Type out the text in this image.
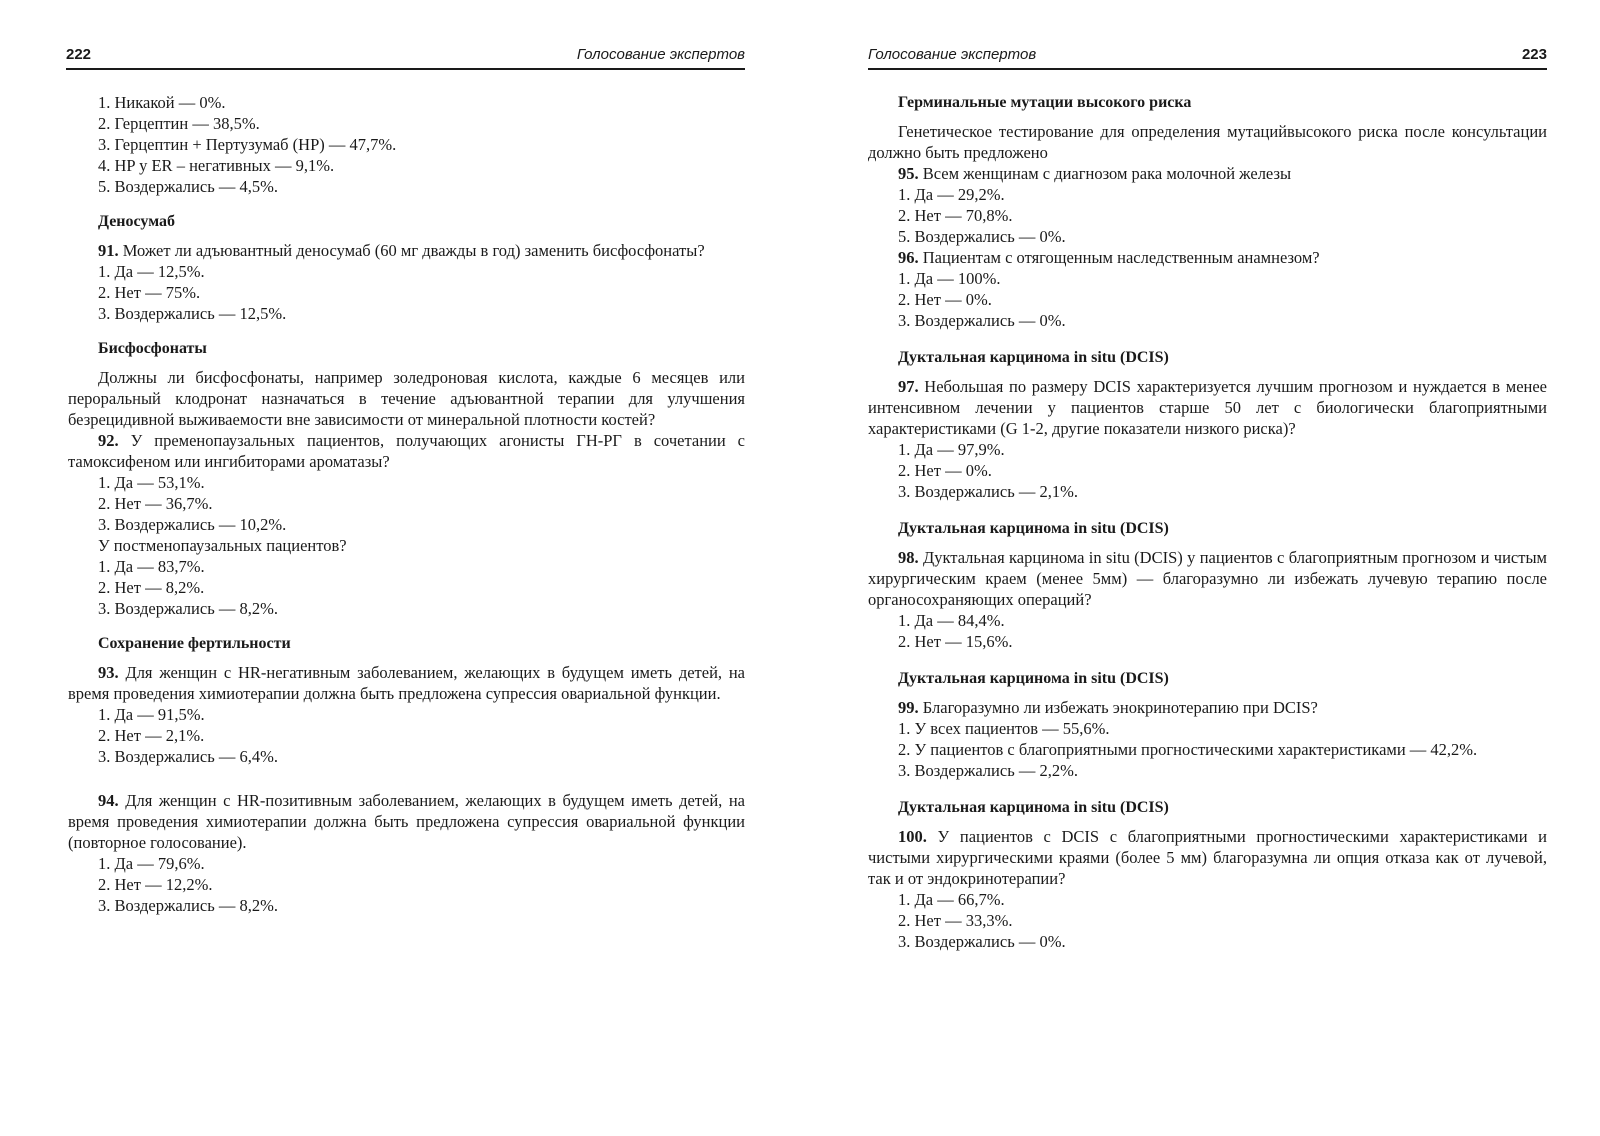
222	Голосование экспертов

1. Никакой — 0%.

2. Герцептин — 38,5%.

3. Герцептин + Пертузумаб (HP) — 47,7%.

4. HP у ER – негативных — 9,1%.

5. Воздержались — 4,5%.

Деносумаб

91. Может ли адъювантный деносумаб (60 мг дважды в год) заменить бисфосфонаты?

1. Да — 12,5%.

2. Нет — 75%.

3. Воздержались — 12,5%.

Бисфосфонаты

Должны ли бисфосфонаты, например золедроновая кислота, каждые 6 месяцев или пероральный клодронат назначаться в течение адъювантной терапии для улучшения безрецидивной выживаемости вне зависимости от минеральной плотности костей?

92. У пременопаузальных пациентов, получающих агонисты ГН-РГ в сочетании с тамоксифеном или ингибиторами ароматазы?

1. Да — 53,1%.

2. Нет — 36,7%.

3. Воздержались — 10,2%.

У постменопаузальных пациентов?

1. Да — 83,7%.

2. Нет — 8,2%.

3. Воздержались — 8,2%.

Сохранение фертильности

93. Для женщин с HR-негативным заболеванием, желающих в будущем иметь детей, на время проведения химиотерапии должна быть предложена супрессия овариальной функции.

1. Да — 91,5%.

2. Нет — 2,1%.

3. Воздержались — 6,4%.

94. Для женщин с HR-позитивным заболеванием, желающих в будущем иметь детей, на время проведения химиотерапии должна быть предложена супрессия овариальной функции (повторное голосование).

1. Да — 79,6%.

2. Нет — 12,2%.

3. Воздержались — 8,2%.

Голосование экспертов	223
Герминальные мутации высокого риска

Генетическое тестирование для определения мутацийвысокого риска после консультации должно быть предложено

95. Всем женщинам с диагнозом рака молочной железы

1. Да — 29,2%.

2. Нет — 70,8%.

5. Воздержались — 0%.

96. Пациентам с отягощенным наследственным анамнезом?

1. Да — 100%.

2. Нет — 0%.

3. Воздержались — 0%.

Дуктальная карцинома in situ (DCIS)

97. Небольшая по размеру DCIS характеризуется лучшим прогнозом и нуждается в менее интенсивном лечении у пациентов старше 50 лет с биологически благоприятными характеристиками (G 1-2, другие показатели низкого риска)?

1. Да — 97,9%.

2. Нет — 0%.

3. Воздержались — 2,1%.

Дуктальная карцинома in situ (DCIS)

98. Дуктальная карцинома in situ (DCIS) у пациентов с благоприятным прогнозом и чистым хирургическим краем (менее 5мм) — благоразумно ли избежать лучевую терапию после органосохраняющих операций?

1. Да — 84,4%.

2. Нет — 15,6%.

Дуктальная карцинома in situ (DCIS)

99. Благоразумно ли избежать энокринотерапию при DCIS?

1. У всех пациентов — 55,6%.

2. У пациентов с благоприятными прогностическими характеристиками — 42,2%.

3. Воздержались — 2,2%.

Дуктальная карцинома in situ (DCIS)

100. У пациентов с DCIS с благоприятными прогностическими характеристиками и чистыми хирургическими краями (более 5 мм) благоразумна ли опция отказа как от лучевой, так и от эндокринотерапии?

1. Да — 66,7%.

2. Нет — 33,3%.

3. Воздержались — 0%.
